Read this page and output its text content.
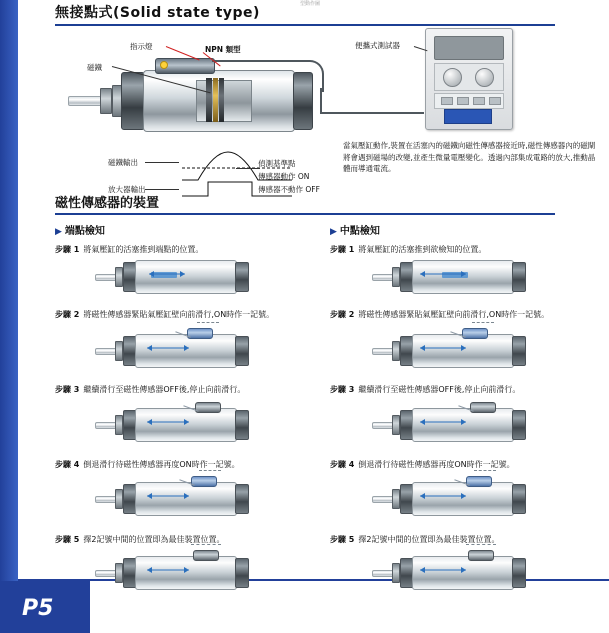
P5
型動作圖
無接點式(Solid state type)
指示燈
磁鐵
NPN 類型	便攜式測試器
磁鐵輸出
放大器輸出
偵測基準點
傳感器動作 ON
傳感器不動作 OFF
當氣壓缸動作,裝置在活塞內的磁鐵向磁性傳感器接近時,磁性傳感器內的磁閘將會遇到磁場的改變,並產生微量電壓變化。透過內部集成電路的放大,推動晶體而導通電流。
磁性傳感器的裝置
▶ 端點檢知	▶ 中點檢知
步驟 1 將氣壓缸的活塞推到端點的位置。
步驟 2 將磁性傳感器緊貼氣壓缸壁向前滑行,ON時作一記號。
步驟 3 繼續滑行至磁性傳感器OFF後,停止向前滑行。
步驟 4 倒退滑行待磁性傳感器再度ON時作一記號。
步驟 5 擇2記號中間的位置即為最佳裝置位置。
步驟 1 將氣壓缸的活塞推到欲檢知的位置。
步驟 2 將磁性傳感器緊貼氣壓缸壁向前滑行,ON時作一記號。
步驟 3 繼續滑行至磁性傳感器OFF後,停止向前滑行。
步驟 4 倒退滑行待磁性傳感器再度ON時作一記號。
步驟 5 擇2記號中間的位置即為最佳裝置位置。
